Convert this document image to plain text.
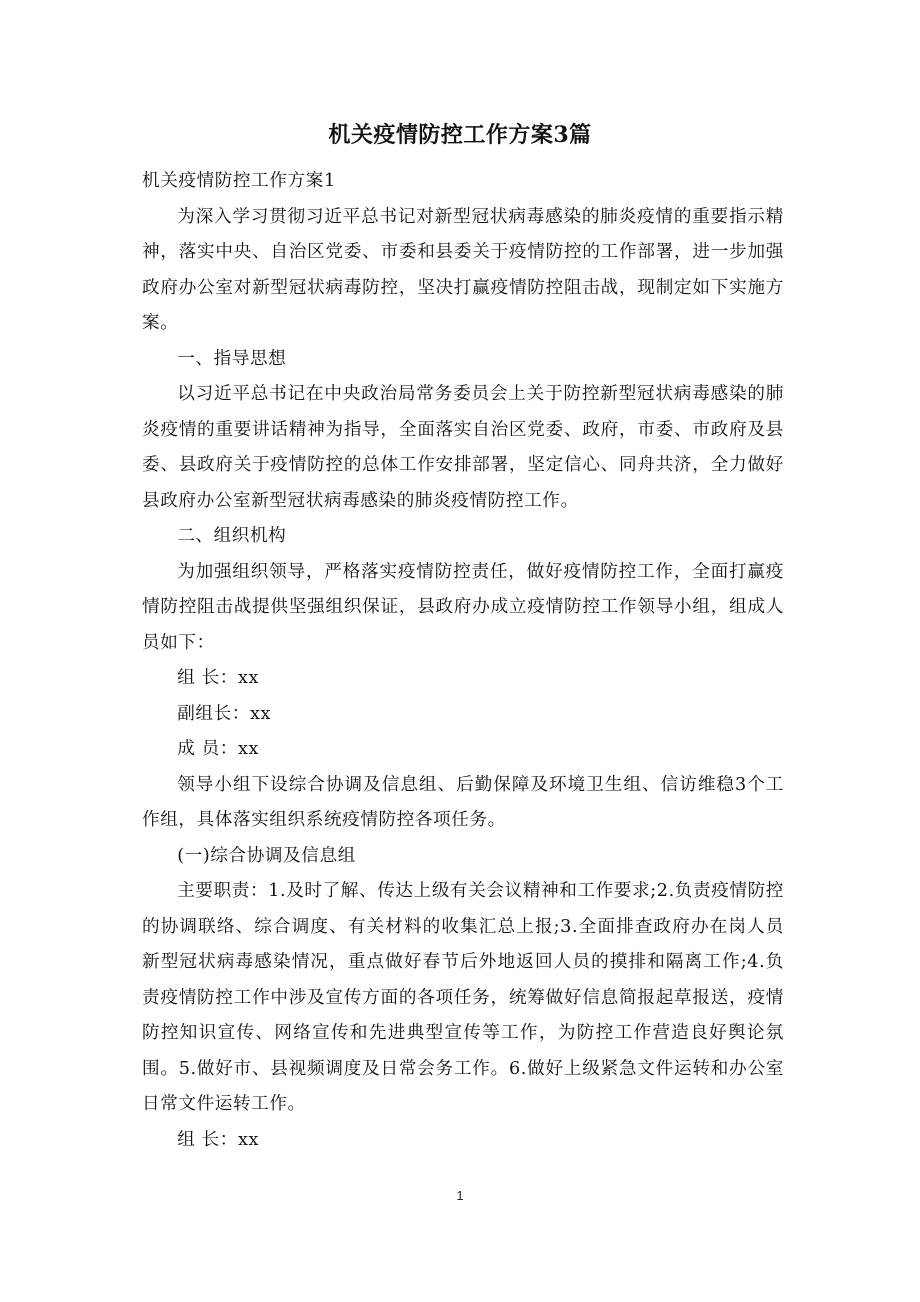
机关疫情防控工作方案3篇

机关疫情防控工作方案1

为深入学习贯彻习近平总书记对新型冠状病毒感染的肺炎疫情的重要指示精神，落实中央、自治区党委、市委和县委关于疫情防控的工作部署，进一步加强政府办公室对新型冠状病毒防控，坚决打赢疫情防控阻击战，现制定如下实施方案。

一、指导思想

以习近平总书记在中央政治局常务委员会上关于防控新型冠状病毒感染的肺炎疫情的重要讲话精神为指导，全面落实自治区党委、政府，市委、市政府及县委、县政府关于疫情防控的总体工作安排部署，坚定信心、同舟共济，全力做好县政府办公室新型冠状病毒感染的肺炎疫情防控工作。

二、组织机构

为加强组织领导，严格落实疫情防控责任，做好疫情防控工作，全面打赢疫情防控阻击战提供坚强组织保证，县政府办成立疫情防控工作领导小组，组成人员如下：

组 长：xx

副组长：xx

成 员：xx

领导小组下设综合协调及信息组、后勤保障及环境卫生组、信访维稳3个工作组，具体落实组织系统疫情防控各项任务。

(一)综合协调及信息组

主要职责：1.及时了解、传达上级有关会议精神和工作要求;2.负责疫情防控的协调联络、综合调度、有关材料的收集汇总上报;3.全面排查政府办在岗人员新型冠状病毒感染情况，重点做好春节后外地返回人员的摸排和隔离工作;4.负责疫情防控工作中涉及宣传方面的各项任务，统筹做好信息简报起草报送，疫情防控知识宣传、网络宣传和先进典型宣传等工作，为防控工作营造良好舆论氛围。5.做好市、县视频调度及日常会务工作。6.做好上级紧急文件运转和办公室日常文件运转工作。

组 长：xx

1
